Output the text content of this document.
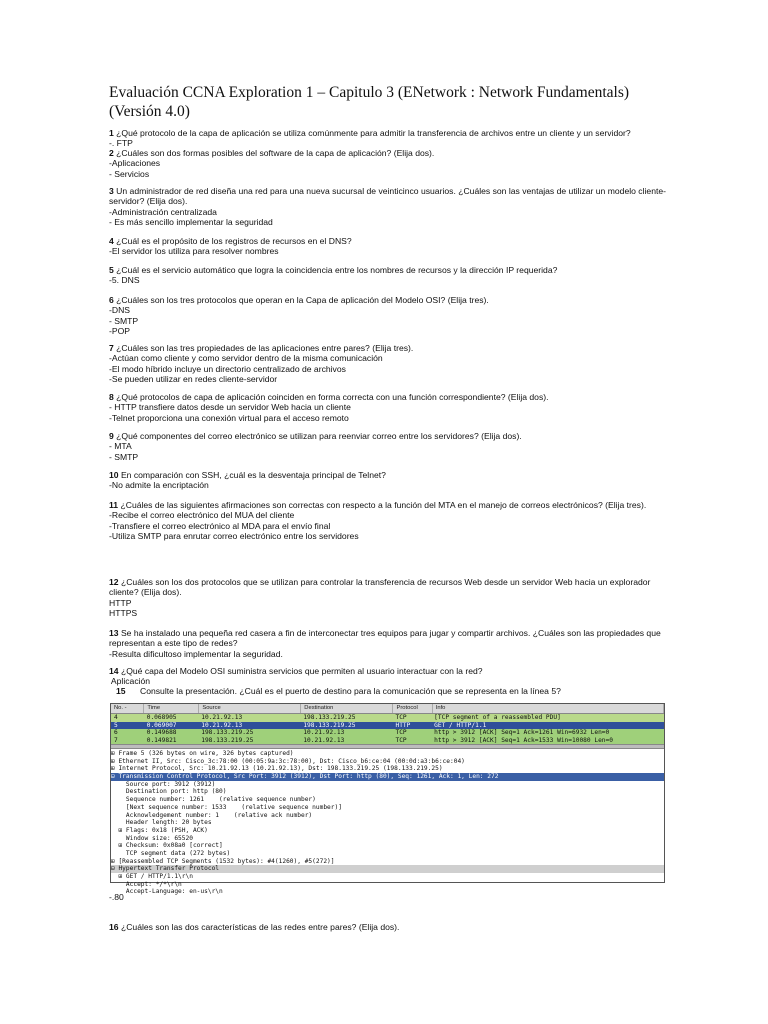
Evaluación CCNA Exploration 1 – Capitulo 3 (ENetwork : Network Fundamentals) (Versión 4.0)
1 ¿Qué protocolo de la capa de aplicación se utiliza comúnmente para admitir la transferencia de archivos entre un cliente y un servidor?
-. FTP
2 ¿Cuáles son dos formas posibles del software de la capa de aplicación? (Elija dos).
-Aplicaciones
- Servicios
3 Un administrador de red diseña una red para una nueva sucursal de veinticinco usuarios. ¿Cuáles son las ventajas de utilizar un modelo cliente-servidor? (Elija dos).
-Administración centralizada
- Es más sencillo implementar la seguridad
4 ¿Cuál es el propósito de los registros de recursos en el DNS?
-El servidor los utiliza para resolver nombres
5 ¿Cuál es el servicio automático que logra la coincidencia entre los nombres de recursos y la dirección IP requerida?
-5. DNS
6 ¿Cuáles son los tres protocolos que operan en la Capa de aplicación del Modelo OSI? (Elija tres).
-DNS
- SMTP
-POP
7 ¿Cuáles son las tres propiedades de las aplicaciones entre pares? (Elija tres).
-Actúan como cliente y como servidor dentro de la misma comunicación
-El modo híbrido incluye un directorio centralizado de archivos
-Se pueden utilizar en redes cliente-servidor
8 ¿Qué protocolos de capa de aplicación coinciden en forma correcta con una función correspondiente? (Elija dos).
- HTTP transfiere datos desde un servidor Web hacia un cliente
-Telnet proporciona una conexión virtual para el acceso remoto
9 ¿Qué componentes del correo electrónico se utilizan para reenviar correo entre los servidores? (Elija dos).
- MTA
- SMTP
10 En comparación con SSH, ¿cuál es la desventaja principal de Telnet?
-No admite la encriptación
11 ¿Cuáles de las siguientes afirmaciones son correctas con respecto a la función del MTA en el manejo de correos electrónicos? (Elija tres).
-Recibe el correo electrónico del MUA del cliente
-Transfiere el correo electrónico al MDA para el envío final
-Utiliza SMTP para enrutar correo electrónico entre los servidores
12 ¿Cuáles son los dos protocolos que se utilizan para controlar la transferencia de recursos Web desde un servidor Web hacia un explorador cliente? (Elija dos).
HTTP
HTTPS
13 Se ha instalado una pequeña red casera a fin de interconectar tres equipos para jugar y compartir archivos. ¿Cuáles son las propiedades que representan a este tipo de redes?
-Resulta dificultoso implementar la seguridad.
14 ¿Qué capa del Modelo OSI suministra servicios que permiten al usuario interactuar con la red?
Aplicación
15 Consulte la presentación. ¿Cuál es el puerto de destino para la comunicación que se representa en la línea 5?
No. -	Time	Source	Destination	Protocol	Info
4	0.068905	10.21.92.13	198.133.219.25	TCP	[TCP segment of a reassembled PDU]
5	0.069007	10.21.92.13	198.133.219.25	HTTP	GET / HTTP/1.1
6	0.149688	198.133.219.25	10.21.92.13	TCP	http > 3912 [ACK] Seq=1 Ack=1261 Win=6932 Len=0
7	0.149821	198.133.219.25	10.21.92.13	TCP	http > 3912 [ACK] Seq=1 Ack=1533 Win=10080 Len=0
⊞ Frame 5 (326 bytes on wire, 326 bytes captured)
⊞ Ethernet II, Src: Cisco_3c:78:00 (00:05:9a:3c:78:00), Dst: Cisco_b6:ce:04 (00:0d:a3:b6:ce:04)
⊞ Internet Protocol, Src: 10.21.92.13 (10.21.92.13), Dst: 198.133.219.25 (198.133.219.25)
⊟ Transmission Control Protocol, Src Port: 3912 (3912), Dst Port: http (80), Seq: 1261, Ack: 1, Len: 272
Source port: 3912 (3912)
Destination port: http (80)
Sequence number: 1261    (relative sequence number)
[Next sequence number: 1533    (relative sequence number)]
Acknowledgement number: 1    (relative ack number)
Header length: 20 bytes
⊞ Flags: 0x18 (PSH, ACK)
Window size: 65520
⊞ Checksum: 0x08a0 [correct]
TCP segment data (272 bytes)
⊞ [Reassembled TCP Segments (1532 bytes): #4(1260), #5(272)]
⊟ Hypertext Transfer Protocol
⊞ GET / HTTP/1.1\r\n
Accept: */*\r\n
Accept-Language: en-us\r\n
-.80
16 ¿Cuáles son las dos características de las redes entre pares? (Elija dos).
